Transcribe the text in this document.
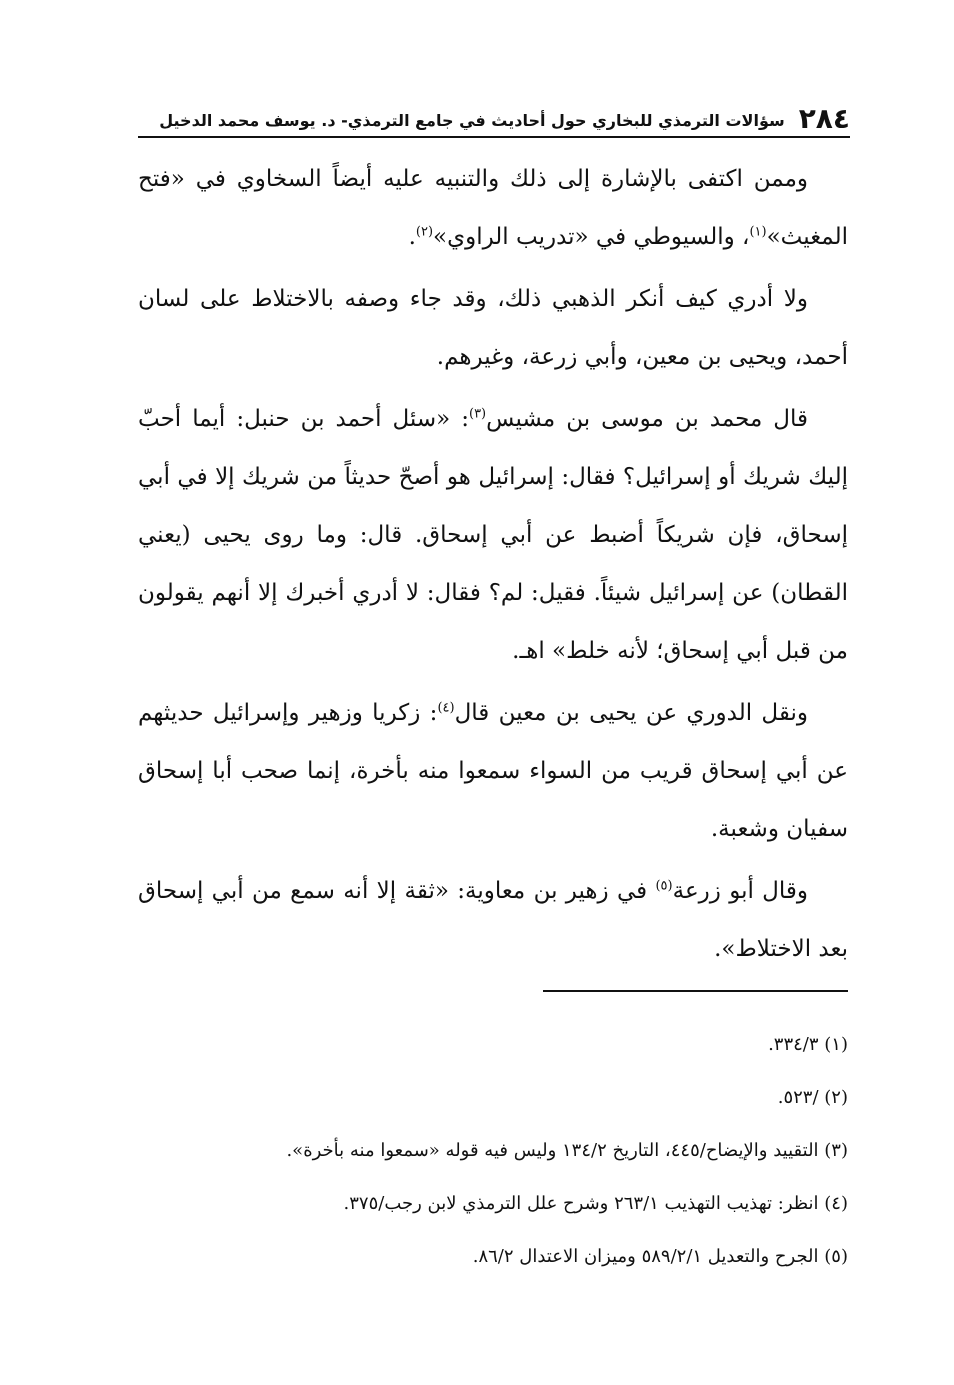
٢٨٤
سؤالات الترمذي للبخاري حول أحاديث في جامع الترمذي- د. يوسف محمد الدخيل

وممن اكتفى بالإشارة إلى ذلك والتنبيه عليه أيضاً السخاوي في «فتح المغيث»$^{(١)}$، والسيوطي في «تدريب الراوي»$^{(٢)}$.

ولا أدري كيف أنكر الذهبي ذلك، وقد جاء وصفه بالاختلاط على لسان أحمد، ويحيى بن معين، وأبي زرعة، وغيرهم.

قال محمد بن موسى بن مشيس$^{(٣)}$: «سئل أحمد بن حنبل: أيما أحبّ إليك شريك أو إسرائيل؟ فقال: إسرائيل هو أصحّ حديثاً من شريك إلا في أبي إسحاق، فإن شريكاً أضبط عن أبي إسحاق. قال: وما روى يحيى (يعني القطان) عن إسرائيل شيئاً. فقيل: لم؟ فقال: لا أدري أخبرك إلا أنهم يقولون من قبل أبي إسحاق؛ لأنه خلط» اهـ.

ونقل الدوري عن يحيى بن معين قال$^{(٤)}$: زكريا وزهير وإسرائيل حديثهم عن أبي إسحاق قريب من السواء سمعوا منه بأخرة، إنما صحب أبا إسحاق سفيان وشعبة.

وقال أبو زرعة$^{(٥)}$ في زهير بن معاوية: «ثقة إلا أنه سمع من أبي إسحاق بعد الاختلاط».

(١) ٣٣٤/٣.
(٢) /٥٢٣.
(٣) التقييد والإيضاح/٤٤٥، التاريخ ١٣٤/٢ وليس فيه قوله «سمعوا منه بأخرة».
(٤) انظر: تهذيب التهذيب ٢٦٣/١ وشرح علل الترمذي لابن رجب/٣٧٥.
(٥) الجرح والتعديل ٥٨٩/٢/١ وميزان الاعتدال ٨٦/٢.
